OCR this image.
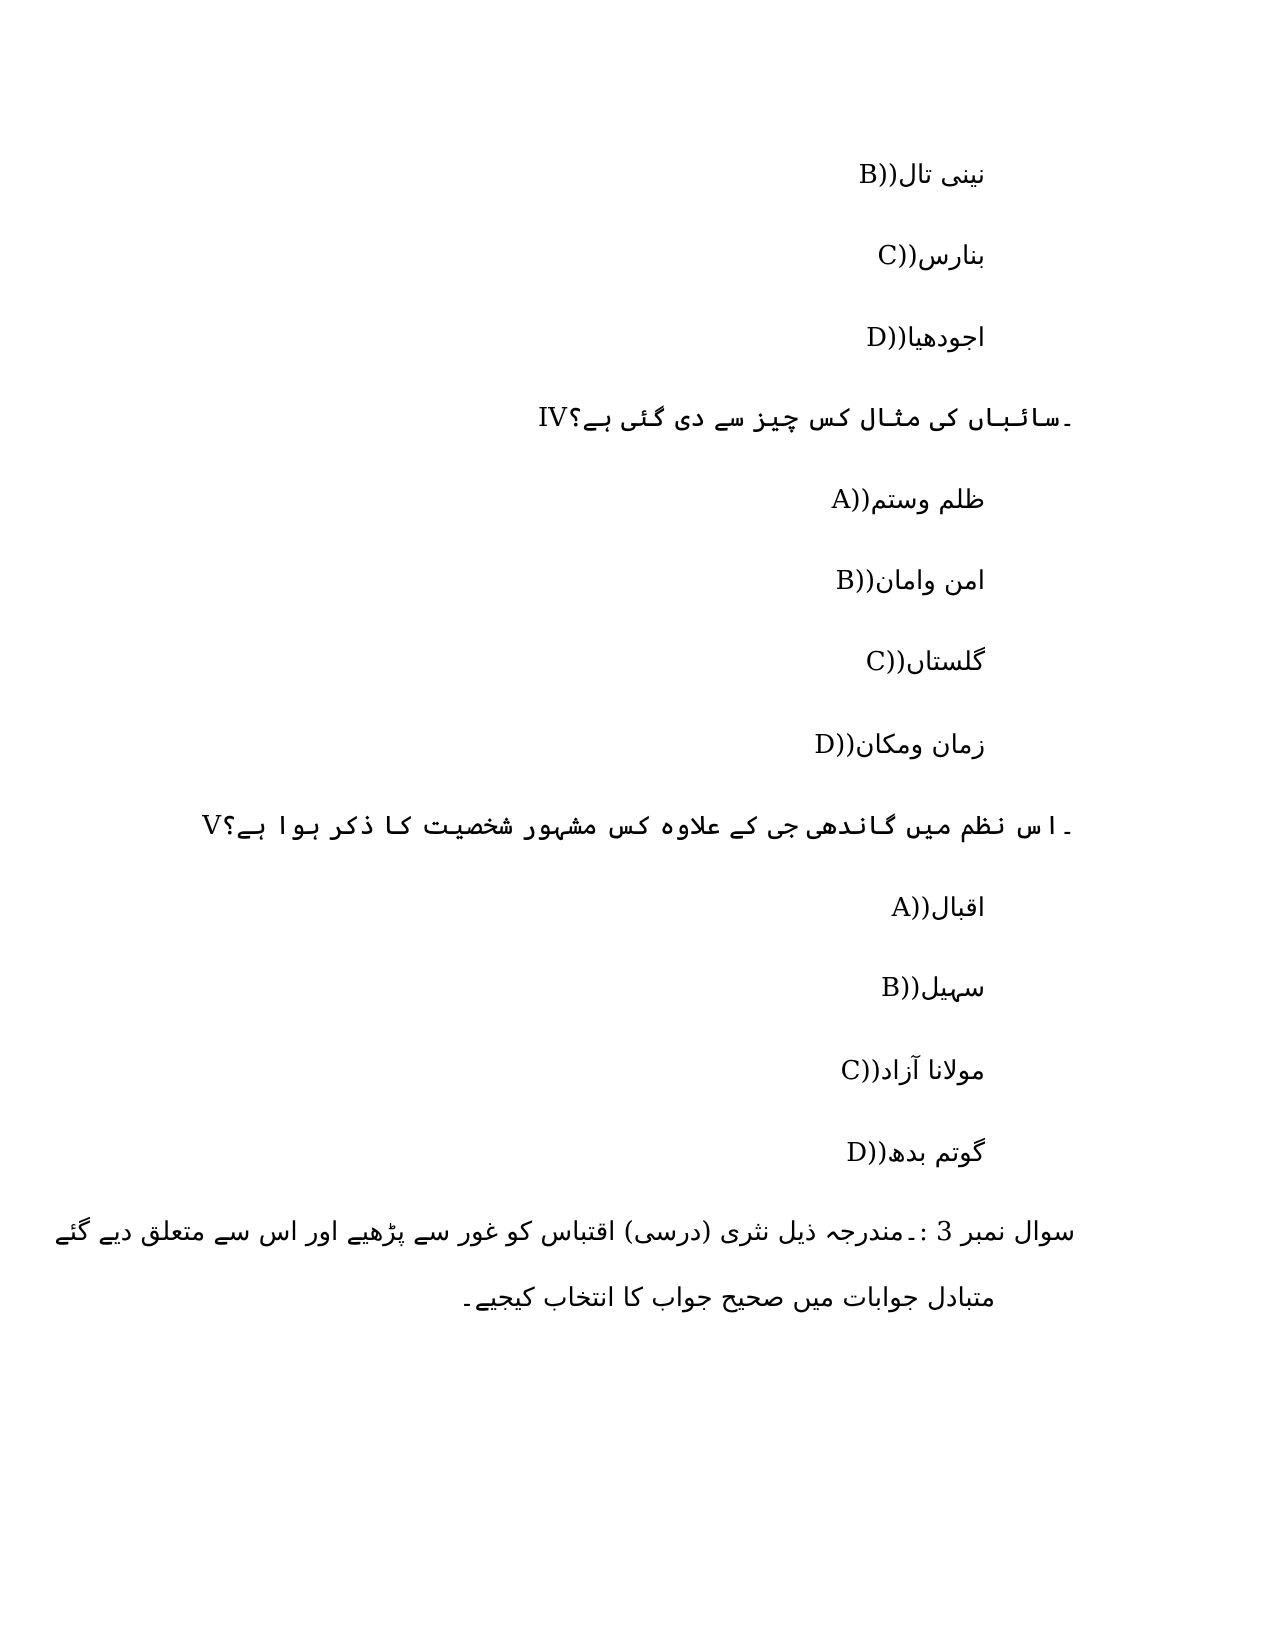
نینی تالB))
بنارسC))
اجودھیاD))
IV۔سائباں کی مثال کس چیز سے دی گئی ہے؟
ظلم وستمA))
امن وامانB))
گلستاںC))
زمان ومکانD))
V۔اس نظم میں گاندھی جی کے علاوہ کس مشہور شخصیت کا ذکر ہوا ہے؟
اقبالA))
سہیلB))
مولانا آزادC))
گوتم بدھD))
سوال نمبر 3 :۔مندرجہ ذیل نثری (درسی) اقتباس کو غور سے پڑھیے اور اس سے متعلق دیے گئے
متبادل جوابات میں صحیح جواب کا انتخاب کیجیے۔
